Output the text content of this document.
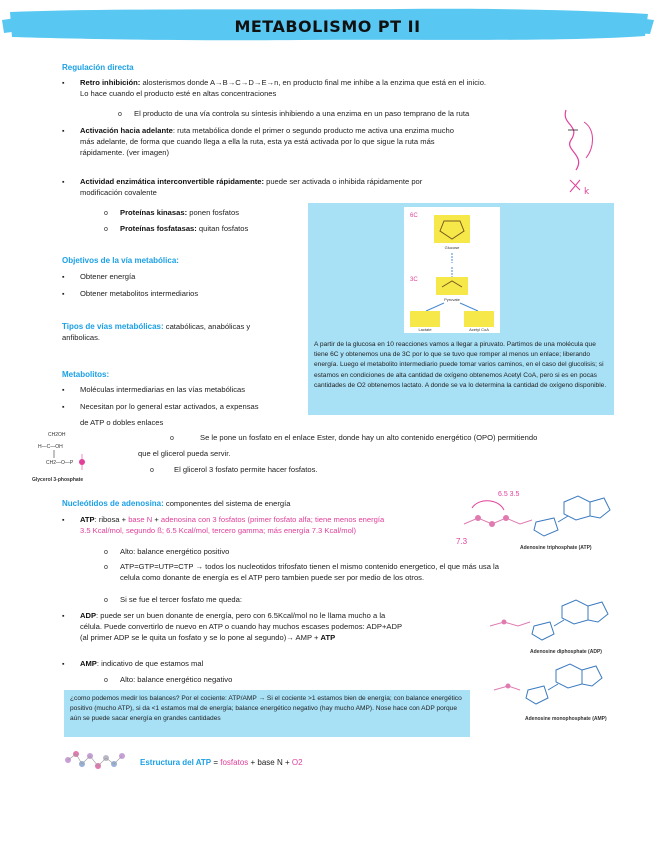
METABOLISMO PT II
Regulación directa
▪ Retro inhibición: alosterismos donde A→B→C→D→E→n, en producto final me inhibe a la enzima que está en el inicio.
Lo hace cuando el producto esté en altas concentraciones
o El producto de una vía controla su síntesis inhibiendo a una enzima en un paso temprano de la ruta
▪ Activación hacia adelante: ruta metabólica donde el primer o segundo producto me activa una enzima mucho
más adelante, de forma que cuando llega a ella la ruta, esta ya está activada por lo que sigue la ruta más
rápidamente. (ver imagen)
▪ Actividad enzimática interconvertible rápidamente: puede ser activada o inhibida rápidamente por
modificación covalente
o Proteínas kinasas: ponen fosfatos
o Proteínas fosfatasas: quitan fosfatos
k
Glucose
Pyruvate
Lactate	Acetyl CoA
6C
3C
A partir de la glucosa en 10 reacciones vamos a llegar a piruvato. Partimos de una molécula que tiene 6C y obtenemos una de 3C por lo que se tuvo que romper al menos un enlace; liberando energía. Luego el metabolito intermediario puede tomar varios caminos, en el caso del glucolisis; si estamos en condiciones de alta cantidad de oxígeno obtenemos Acetyl CoA, pero si es en pocas cantidades de O2 obtenemos lactato. A donde se va lo determina la cantidad de oxígeno disponible.
Objetivos de la vía metabólica:
▪ Obtener energía
▪ Obtener metabolitos intermediarios
Tipos de vías metabólicas: catabólicas, anabólicas y
anfibolicas.
Metabolitos:
▪ Moléculas intermediarias en las vías metabólicas
▪ Necesitan por lo general estar activados, a expensas
de ATP o dobles enlaces
CH2OH
H—C—OH
CH2—O—P
Glycerol 3-phosphate
o	Se le pone un fosfato en el enlace Ester, donde hay un alto contenido energético (OPO) permitiendo
que el glicerol pueda servir.
o	El glicerol 3 fosfato permite hacer fosfatos.
Nucleótidos de adenosina: componentes del sistema de energía
▪ ATP: ribosa + base N + adenosina con 3 fosfatos (primer fosfato alfa; tiene menos energía
3.5 Kcal/mol, segundo ß; 6.5 Kcal/mol, tercero gamma; más energía 7.3 Kcal/mol)
o Alto: balance energético positivo
o ATP=GTP=UTP=CTP → todos los nucleotidos trifosfato tienen el mismo contenido energetico, el que más usa la
celula como donante de energía es el ATP pero tambien puede ser por medio de los otros.
o Si se fue el tercer fosfato me queda:
▪ ADP: puede ser un buen donante de energía, pero con 6.5Kcal/mol no le llama mucho a la
célula. Puede convertirlo de nuevo en ATP o cuando hay muchos escases podemos: ADP+ADP
(al primer ADP se le quita un fosfato y se lo pone al segundo)→ AMP + ATP
▪ AMP: indicativo de que estamos mal
o Alto: balance energético negativo
6.5 3.5
7.3
Adenosine triphosphate (ATP)
Adenosine diphosphate (ADP)
Adenosine monophosphate (AMP)
¿como podemos medir los balances? Por el cociente: ATP/AMP → Si el cociente >1 estamos bien de energía; con balance energético positivo (mucho ATP), si da <1 estamos mal de energía; balance energético negativo (hay mucho AMP). Nose hace con ADP porque aún se puede sacar energía en grandes cantidades
Estructura del ATP = fosfatos + base N + O2
